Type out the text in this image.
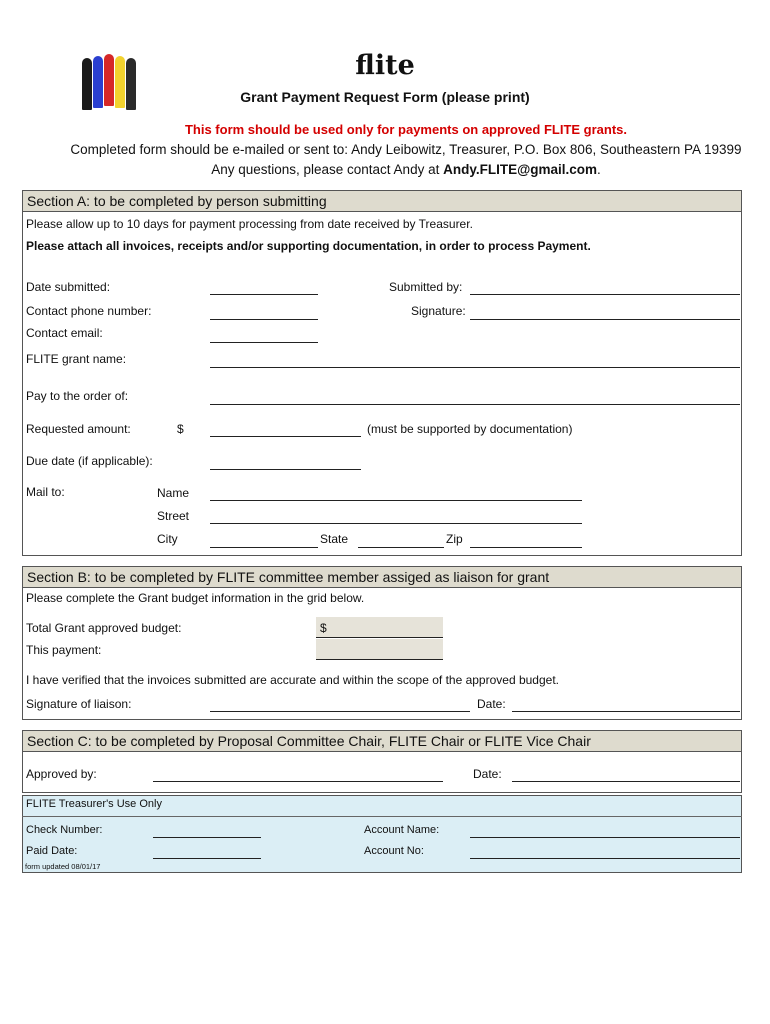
flite
Grant Payment Request Form (please print)
This form should be used only for payments on approved FLITE grants.
Completed form should be e-mailed or sent to: Andy Leibowitz, Treasurer, P.O. Box 806, Southeastern PA 19399
Any questions, please contact Andy at Andy.FLITE@gmail.com.
Section A: to be completed by person submitting
Please allow up to 10 days for payment processing from date received by Treasurer.
Please attach all invoices, receipts and/or supporting documentation, in order to process Payment.
Date submitted:	Submitted by:
Contact phone number:	Signature:
Contact email:
FLITE grant name:
Pay to the order of:
Requested amount:	$	(must be supported by documentation)
Due date (if applicable):
Mail to:	Name
Street
City	State	Zip
Section B: to be completed by FLITE committee member assiged as liaison for grant
Please complete the Grant budget information in the grid below.
Total Grant approved budget:	$
This payment:
I have verified that the invoices submitted are accurate and within the scope of the approved budget.
Signature of liaison:	Date:
Section C: to be completed by Proposal Committee Chair, FLITE Chair or FLITE Vice Chair
Approved by:	Date:
FLITE Treasurer's Use Only
Check Number:	Account Name:
Paid Date:	Account No:
form updated 08/01/17
